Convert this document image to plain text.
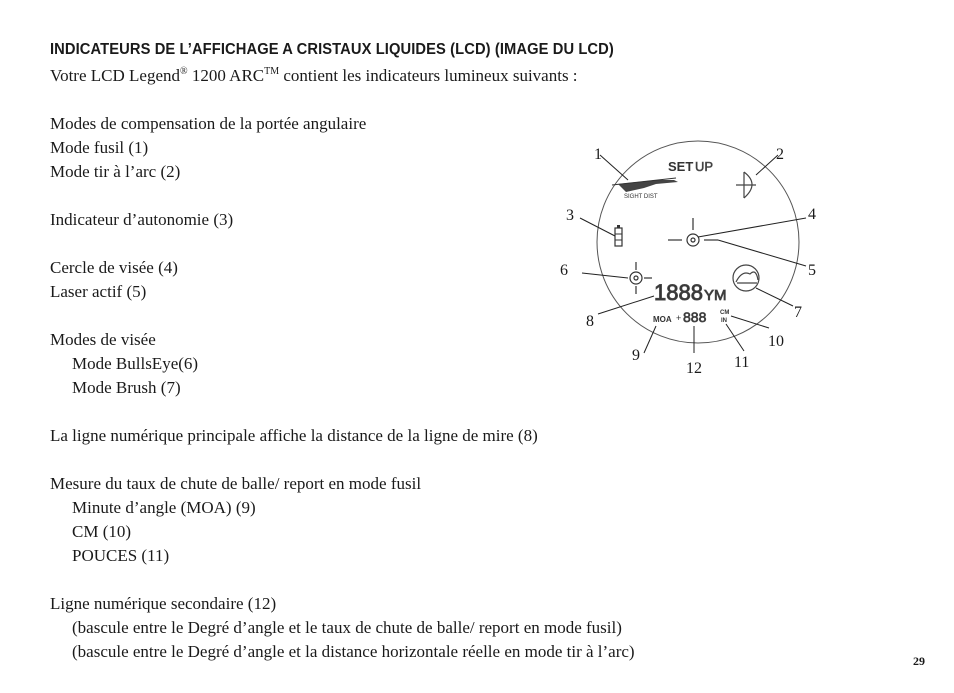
INDICATEURS DE L’AFFICHAGE A CRISTAUX LIQUIDES (LCD) (IMAGE DU LCD)
Votre LCD Legend® 1200 ARC™ contient les indicateurs lumineux suivants :
Modes de compensation de la portée angulaire
Mode fusil (1)
Mode tir à l’arc (2)
Indicateur d’autonomie (3)
Cercle de visée (4)
Laser actif (5)
Modes de visée
Mode BullsEye(6)
Mode Brush (7)
La ligne numérique principale affiche la distance de la ligne de mire (8)
Mesure du taux de chute de balle/ report en mode fusil
Minute d’angle (MOA) (9)
CM (10)
POUCES (11)
Ligne numérique secondaire (12)
(bascule entre le Degré d’angle et le taux de chute de balle/ report en mode fusil)
(bascule entre le Degré d’angle et la distance horizontale réelle en mode tir à l’arc)	29
SET UP
SIGHT DIST
1888 YM
MOA + 888 CM
IN
1	2
3	4
5
6
7
8
9
10
11
12
